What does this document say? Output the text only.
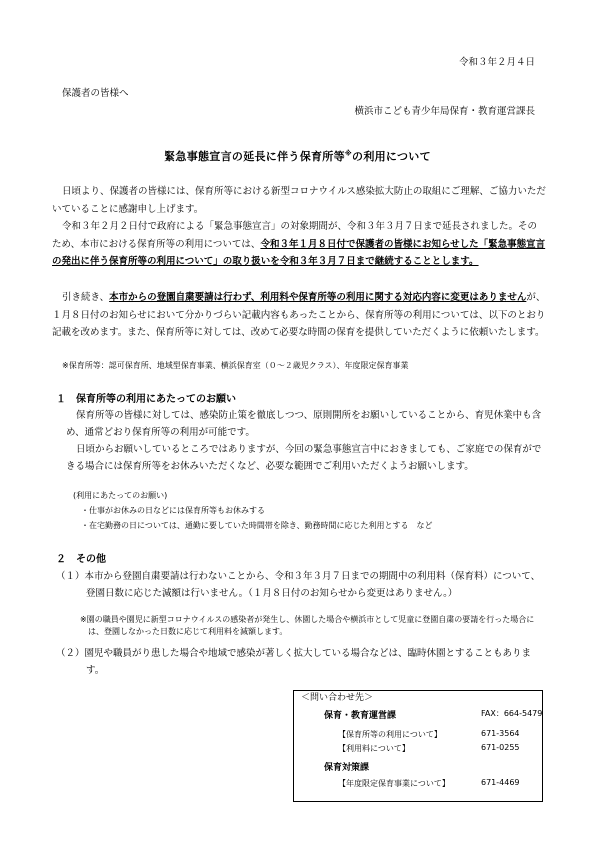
令和３年２月４日
保護者の皆様へ
横浜市こども青少年局保育・教育運営課長
緊急事態宣言の延長に伴う保育所等※の利用について
日頃より、保護者の皆様には、保育所等における新型コロナウイルス感染拡大防止の取組にご理解、ご協力いただいていることに感謝申し上げます。
令和３年２月２日付で政府による「緊急事態宣言」の対象期間が、令和３年３月７日まで延長されました。そのため、本市における保育所等の利用については、令和３年１月８日付で保護者の皆様にお知らせした「緊急事態宣言の発出に伴う保育所等の利用について」の取り扱いを令和３年３月７日まで継続することとします。
引き続き、本市からの登園自粛要請は行わず、利用料や保育所等の利用に関する対応内容に変更はありませんが、１月８日付のお知らせにおいて分かりづらい記載内容もあったことから、保育所等の利用については、以下のとおり記載を改めます。また、保育所等に対しては、改めて必要な時間の保育を提供していただくように依頼いたします。
※保育所等：認可保育所、地域型保育事業、横浜保育室（０～２歳児クラス）、年度限定保育事業
１　保育所等の利用にあたってのお願い
保育所等の皆様に対しては、感染防止策を徹底しつつ、原則開所をお願いしていることから、育児休業中も含め、通常どおり保育所等の利用が可能です。
日頃からお願いしているところではありますが、今回の緊急事態宣言中におきましても、ご家庭での保育ができる場合には保育所等をお休みいただくなど、必要な範囲でご利用いただくようお願いします。
(利用にあたってのお願い)
・仕事がお休みの日などには保育所等もお休みする
・在宅勤務の日については、通勤に要していた時間帯を除き、勤務時間に応じた利用とする　など
２　その他
（１）本市から登園自粛要請は行わないことから、令和３年３月７日までの期間中の利用料（保育料）について、登園日数に応じた減額は行いません。（１月８日付のお知らせから変更はありません。）
※園の職員や園児に新型コロナウイルスの感染者が発生し、休園した場合や横浜市として児童に登園自粛の要請を行った場合には、登園しなかった日数に応じて利用料を減額します。
（２）園児や職員がり患した場合や地域で感染が著しく拡大している場合などは、臨時休園とすることもあります。
＜問い合わせ先＞
保育・教育運営課	FAX：664-5479
【保育所等の利用について】	671-3564
【利用料について】	671-0255
保育対策課
【年度限定保育事業について】	671-4469
